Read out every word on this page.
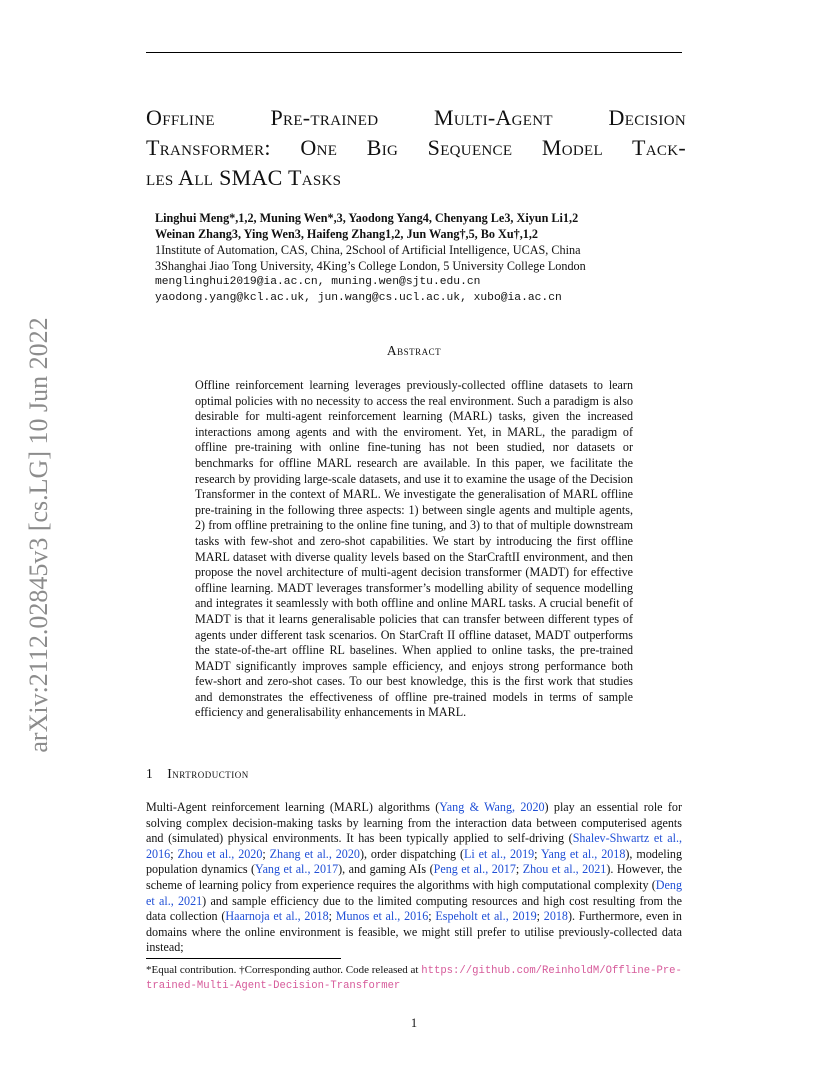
arXiv:2112.02845v3 [cs.LG] 10 Jun 2022
Offline Pre-trained Multi-Agent Decision
Transformer: One Big Sequence Model Tack-
les All SMAC Tasks
Linghui Meng*,1,2, Muning Wen*,3, Yaodong Yang4, Chenyang Le3, Xiyun Li1,2
Weinan Zhang3, Ying Wen3, Haifeng Zhang1,2, Jun Wang†,5, Bo Xu†,1,2
1Institute of Automation, CAS, China, 2School of Artificial Intelligence, UCAS, China
3Shanghai Jiao Tong University, 4King’s College London, 5 University College London
menglinghui2019@ia.ac.cn, muning.wen@sjtu.edu.cn
yaodong.yang@kcl.ac.uk, jun.wang@cs.ucl.ac.uk, xubo@ia.ac.cn
Abstract
Offline reinforcement learning leverages previously-collected offline datasets to learn optimal policies with no necessity to access the real environment. Such a paradigm is also desirable for multi-agent reinforcement learning (MARL) tasks, given the increased interactions among agents and with the enviroment. Yet, in MARL, the paradigm of offline pre-training with online fine-tuning has not been studied, nor datasets or benchmarks for offline MARL research are available. In this paper, we facilitate the research by providing large-scale datasets, and use it to examine the usage of the Decision Transformer in the context of MARL. We investigate the generalisation of MARL offline pre-training in the following three aspects: 1) between single agents and multiple agents, 2) from offline pretraining to the online fine tuning, and 3) to that of multiple downstream tasks with few-shot and zero-shot capabilities. We start by introducing the first offline MARL dataset with diverse quality levels based on the StarCraftII environment, and then propose the novel architecture of multi-agent decision transformer (MADT) for effective offline learning. MADT leverages transformer’s modelling ability of sequence modelling and integrates it seamlessly with both offline and online MARL tasks. A crucial benefit of MADT is that it learns generalisable policies that can transfer between different types of agents under different task scenarios. On StarCraft II offline dataset, MADT outperforms the state-of-the-art offline RL baselines. When applied to online tasks, the pre-trained MADT significantly improves sample efficiency, and enjoys strong performance both few-short and zero-shot cases. To our best knowledge, this is the first work that studies and demonstrates the effectiveness of offline pre-trained models in terms of sample efficiency and generalisability enhancements in MARL.
1 Inrtroduction
Multi-Agent reinforcement learning (MARL) algorithms (Yang & Wang, 2020) play an essential role for solving complex decision-making tasks by learning from the interaction data between computerised agents and (simulated) physical environments. It has been typically applied to self-driving (Shalev-Shwartz et al., 2016; Zhou et al., 2020; Zhang et al., 2020), order dispatching (Li et al., 2019; Yang et al., 2018), modeling population dynamics (Yang et al., 2017), and gaming AIs (Peng et al., 2017; Zhou et al., 2021). However, the scheme of learning policy from experience requires the algorithms with high computational complexity (Deng et al., 2021) and sample efficiency due to the limited computing resources and high cost resulting from the data collection (Haarnoja et al., 2018; Munos et al., 2016; Espeholt et al., 2019; 2018). Furthermore, even in domains where the online environment is feasible, we might still prefer to utilise previously-collected data instead;
*Equal contribution. †Corresponding author. Code released at https://github.com/ReinholdM/Offline-Pre-trained-Multi-Agent-Decision-Transformer
1
